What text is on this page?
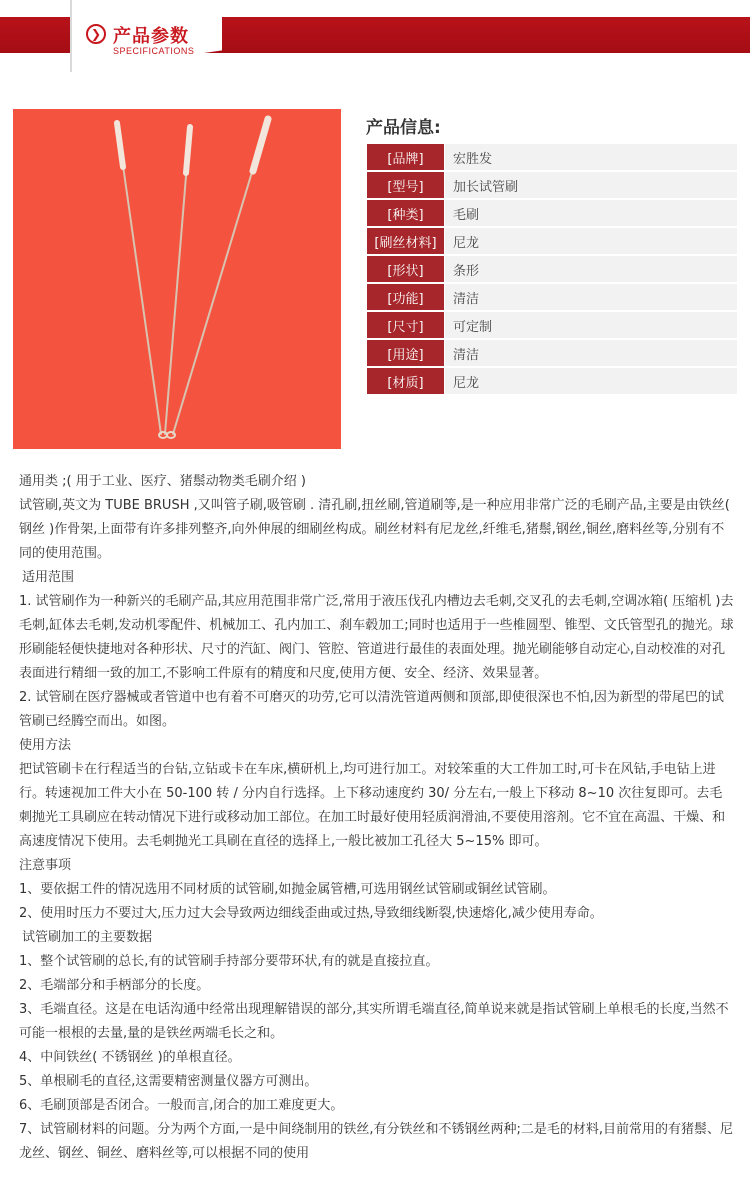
❯ 产品参数
SPECIFICATIONS
产品信息:
[品牌]	宏胜发
[型号]	加长试管刷
[种类]	毛刷
[刷丝材料]	尼龙
[形状]	条形
[功能]	清洁
[尺寸]	可定制
[用途]	清洁
[材质]	尼龙

通用类 ;( 用于工业、医疗、猪鬃动物类毛刷介绍 )

试管刷,英文为 TUBE BRUSH ,又叫管子刷,吸管刷 . 清孔刷,扭丝刷,管道刷等,是一种应用非常广泛的毛刷产品,主要是由铁丝( 钢丝 )作骨架,上面带有许多排列整齐,向外伸展的细刷丝构成。刷丝材料有尼龙丝,纤维毛,猪鬃,钢丝,铜丝,磨料丝等,分别有不同的使用范围。

适用范围

1. 试管刷作为一种新兴的毛刷产品,其应用范围非常广泛,常用于液压伐孔内槽边去毛刺,交叉孔的去毛刺,空调冰箱( 压缩机 )去毛刺,缸体去毛刺,发动机零配件、机械加工、孔内加工、刹车毂加工;同时也适用于一些椎圆型、锥型、文氏管型孔的抛光。球形刷能轻便快捷地对各种形状、尺寸的汽缸、阀门、管腔、管道进行最佳的表面处理。抛光刷能够自动定心,自动校准的对孔表面进行精细一致的加工,不影响工件原有的精度和尺度,使用方便、安全、经济、效果显著。

2. 试管刷在医疗器械或者管道中也有着不可磨灭的功劳,它可以清洗管道两侧和顶部,即使很深也不怕,因为新型的带尾巴的试管刷已经腾空而出。如图。

使用方法

把试管刷卡在行程适当的台钻,立钻或卡在车床,横研机上,均可进行加工。对较笨重的大工件加工时,可卡在风钻,手电钻上进行。转速视加工件大小在 50-100 转 / 分内自行选择。上下移动速度约 30/ 分左右,一般上下移动 8~10 次往复即可。去毛刺抛光工具刷应在转动情况下进行或移动加工部位。在加工时最好使用轻质润滑油,不要使用溶剂。它不宜在高温、干燥、和高速度情况下使用。去毛刺抛光工具刷在直径的选择上,一般比被加工孔径大 5~15% 即可。

注意事项

1、要依据工件的情况选用不同材质的试管刷,如抛金属管槽,可选用钢丝试管刷或铜丝试管刷。

2、使用时压力不要过大,压力过大会导致两边细线歪曲或过热,导致细线断裂,快速熔化,减少使用寿命。

试管刷加工的主要数据

1、整个试管刷的总长,有的试管刷手持部分要带环状,有的就是直接拉直。

2、毛端部分和手柄部分的长度。

3、毛端直径。这是在电话沟通中经常出现理解错误的部分,其实所谓毛端直径,简单说来就是指试管刷上单根毛的长度,当然不可能一根根的去量,量的是铁丝两端毛长之和。

4、中间铁丝( 不锈钢丝 )的单根直径。

5、单根刷毛的直径,这需要精密测量仪器方可测出。

6、毛刷顶部是否闭合。一般而言,闭合的加工难度更大。

7、试管刷材料的问题。分为两个方面,一是中间绕制用的铁丝,有分铁丝和不锈钢丝两种;二是毛的材料,目前常用的有猪鬃、尼龙丝、钢丝、铜丝、磨料丝等,可以根据不同的使用
